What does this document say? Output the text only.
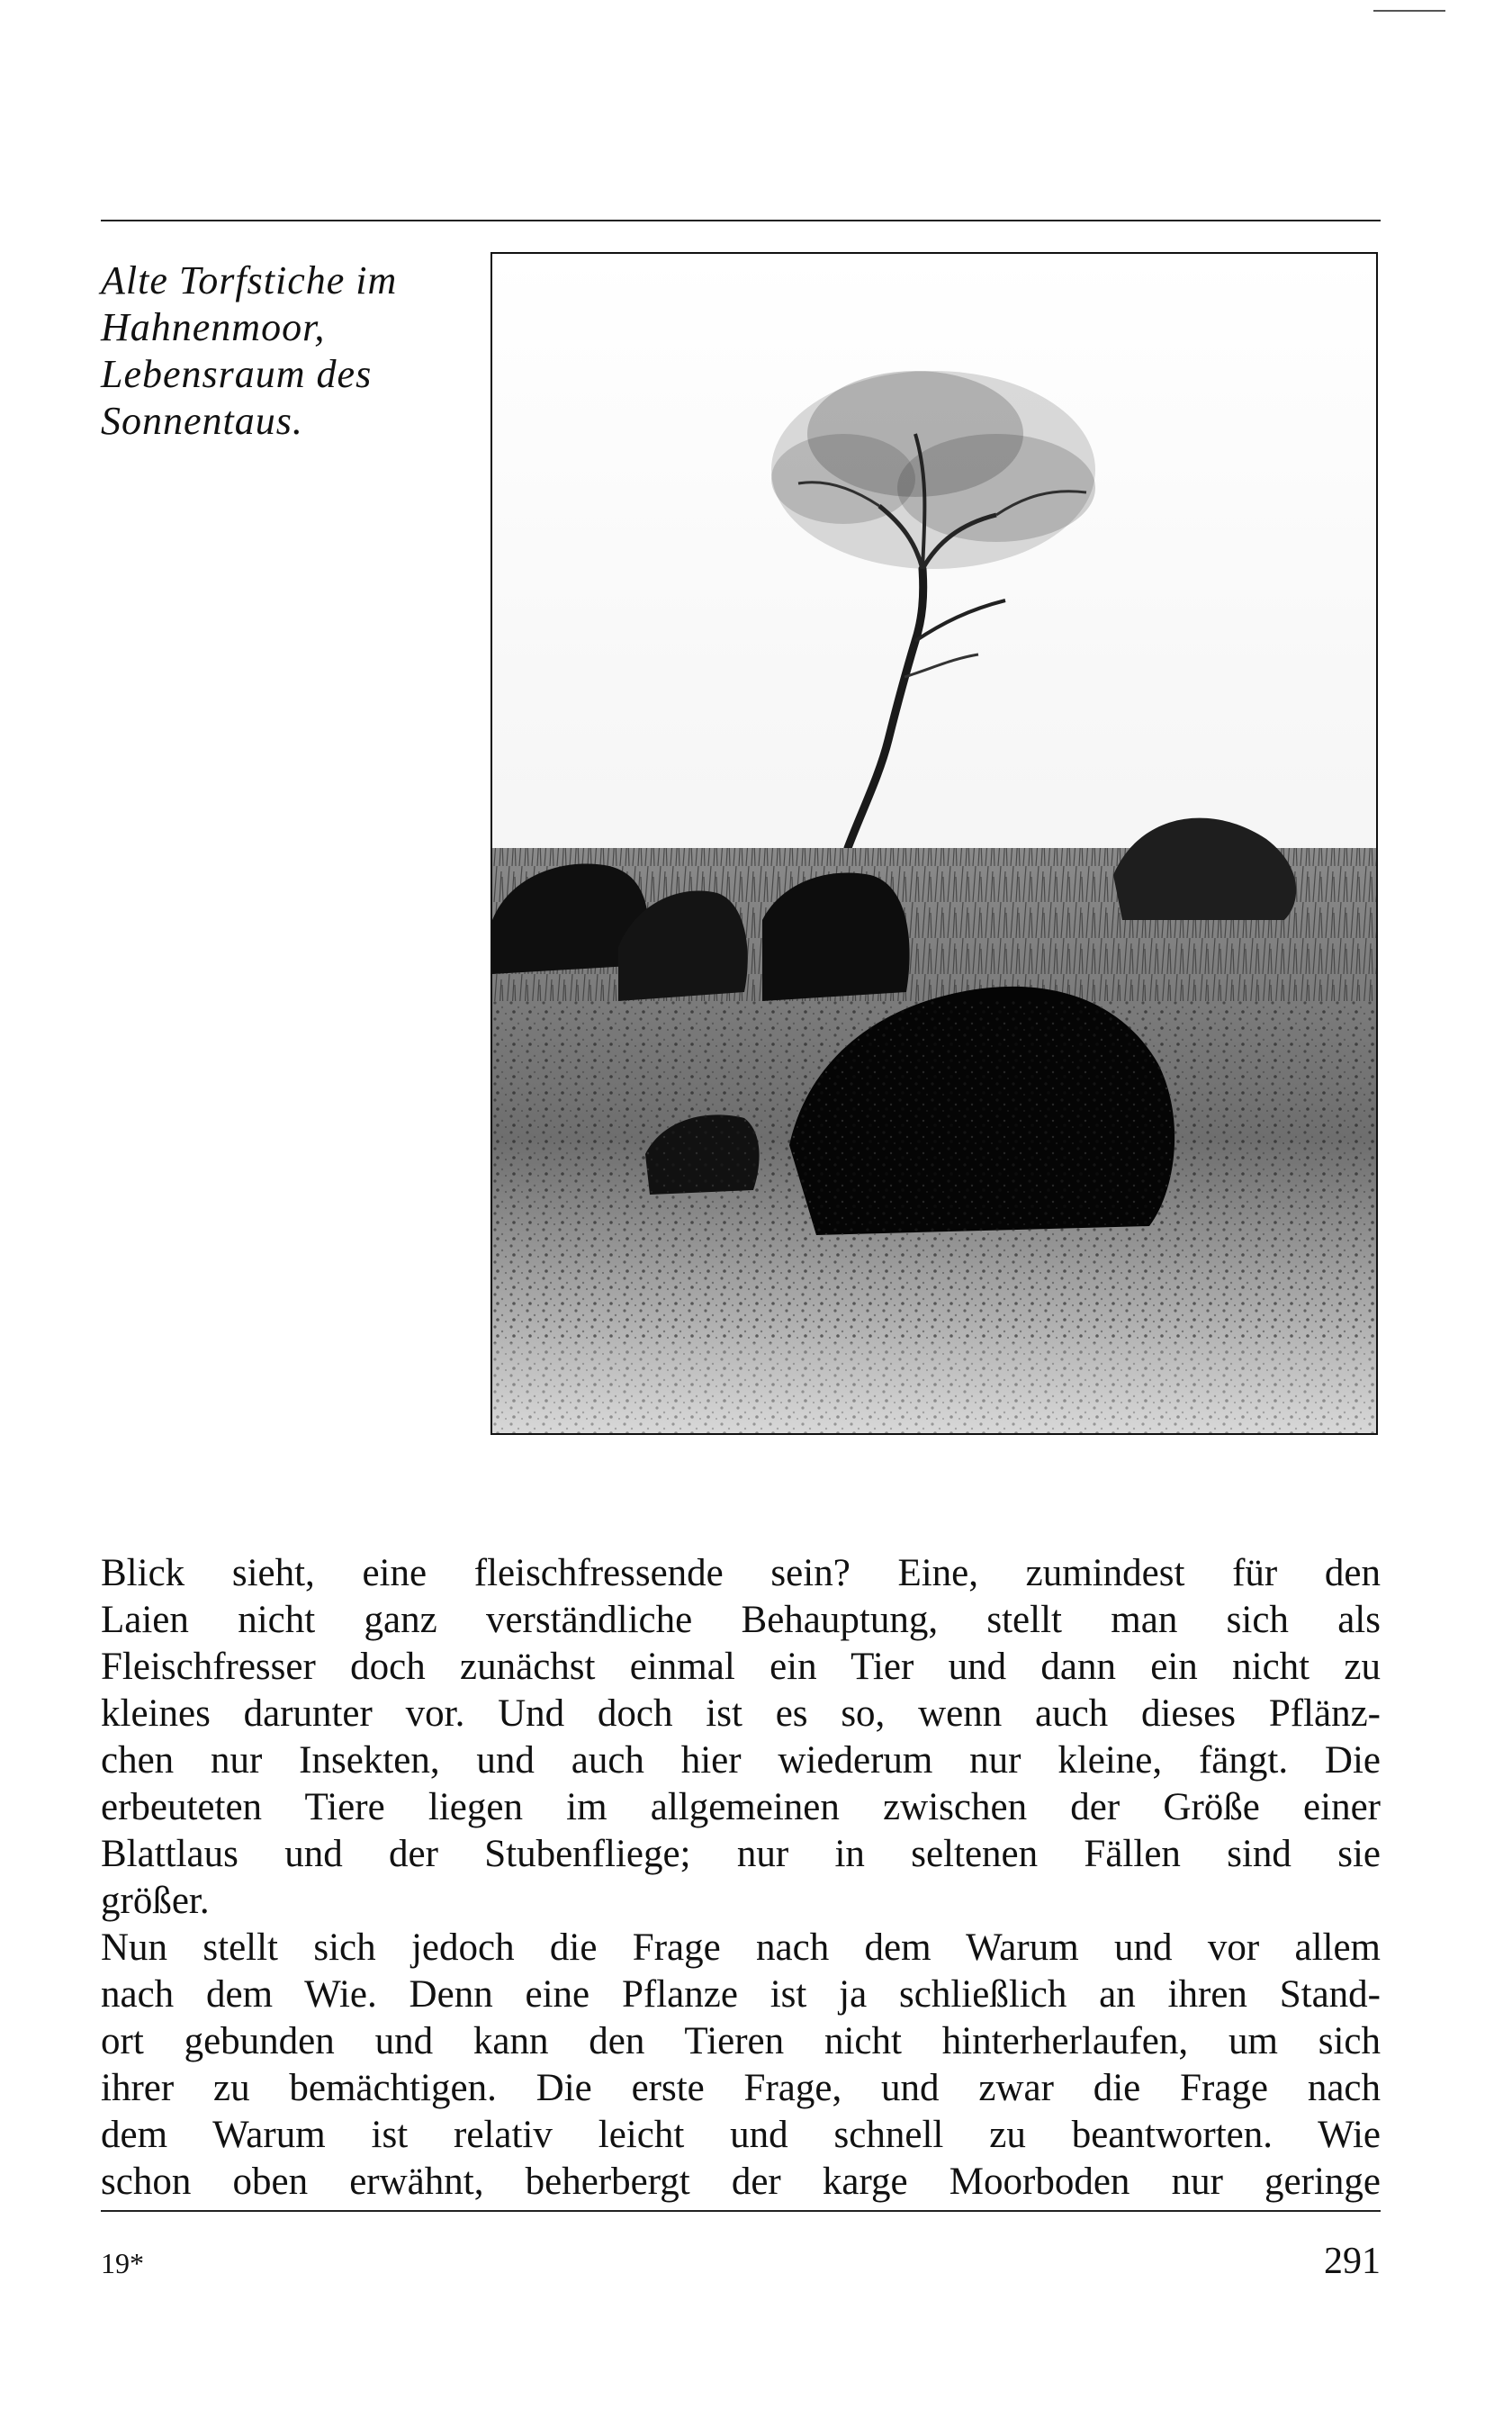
Alte Torfstiche im
Hahnenmoor,
Lebensraum des
Sonnentaus.
Blick sieht, eine fleischfressende sein? Eine, zumindest für den
Laien nicht ganz verständliche Behauptung, stellt man sich als
Fleischfresser doch zunächst einmal ein Tier und dann ein nicht zu
kleines darunter vor. Und doch ist es so, wenn auch dieses Pflänz-
chen nur Insekten, und auch hier wiederum nur kleine, fängt. Die
erbeuteten Tiere liegen im allgemeinen zwischen der Größe einer
Blattlaus und der Stubenfliege; nur in seltenen Fällen sind sie
größer.
Nun stellt sich jedoch die Frage nach dem Warum und vor allem
nach dem Wie. Denn eine Pflanze ist ja schließlich an ihren Stand-
ort gebunden und kann den Tieren nicht hinterherlaufen, um sich
ihrer zu bemächtigen. Die erste Frage, und zwar die Frage nach
dem Warum ist relativ leicht und schnell zu beantworten. Wie
schon oben erwähnt, beherbergt der karge Moorboden nur geringe
19*	291
